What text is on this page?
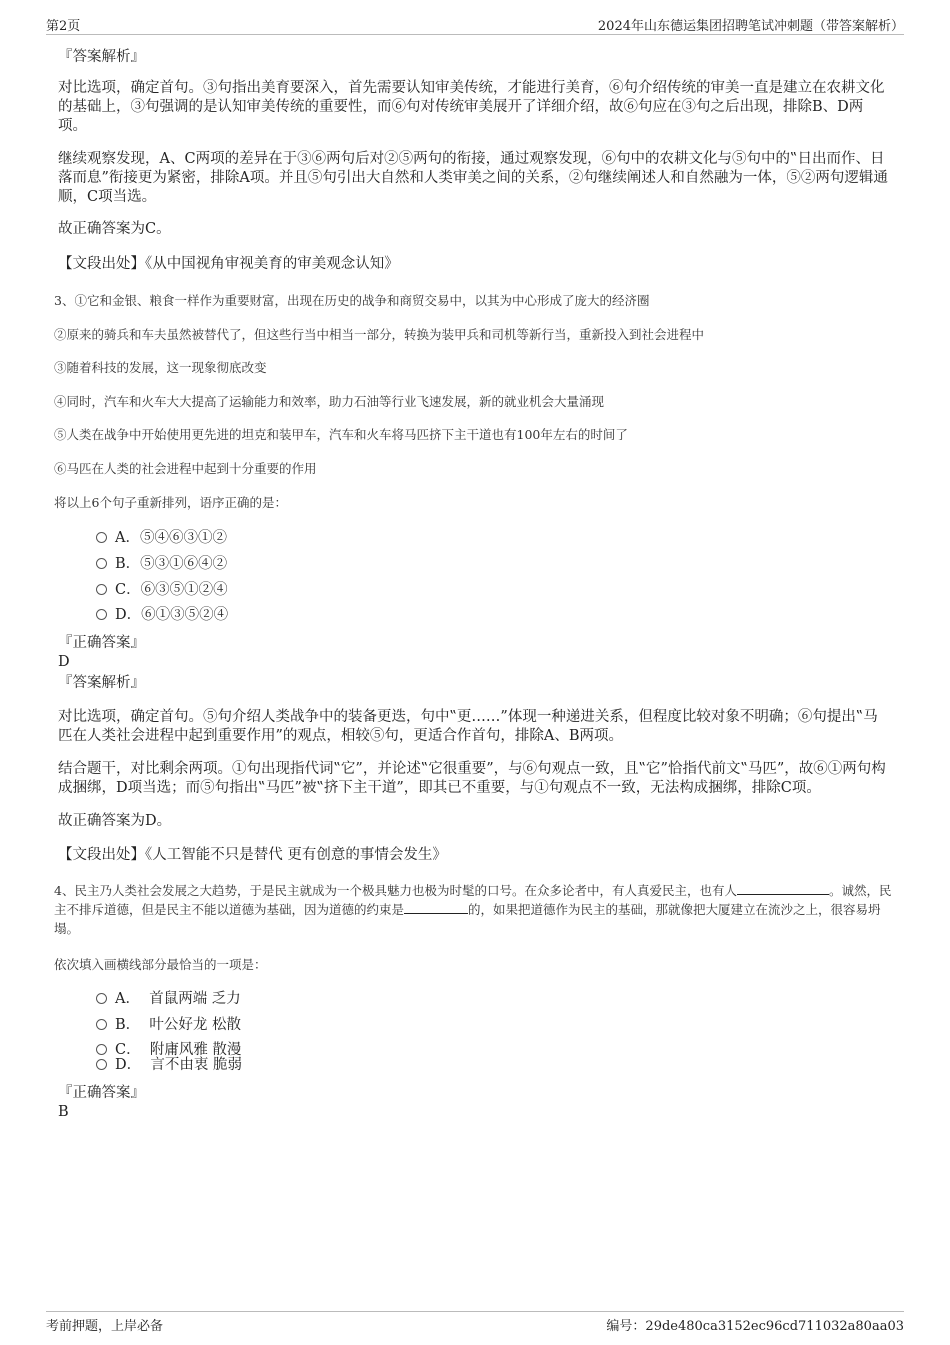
第2页	2024年山东德运集团招聘笔试冲刺题（带答案解析）

『答案解析』

对比选项，确定首句。③句指出美育要深入，首先需要认知审美传统，才能进行美育，⑥句介绍传统的审美一直是建立在农耕文化的基础上，③句强调的是认知审美传统的重要性，而⑥句对传统审美展开了详细介绍，故⑥句应在③句之后出现，排除B、D两项。

继续观察发现，A、C两项的差异在于③⑥两句后对②⑤两句的衔接，通过观察发现，⑥句中的农耕文化与⑤句中的‟日出而作、日落而息”衔接更为紧密，排除A项。并且⑤句引出大自然和人类审美之间的关系，②句继续阐述人和自然融为一体，⑤②两句逻辑通顺，C项当选。

故正确答案为C。

【文段出处】《从中国视角审视美育的审美观念认知》

3、①它和金银、粮食一样作为重要财富，出现在历史的战争和商贸交易中，以其为中心形成了庞大的经济圈

②原来的骑兵和车夫虽然被替代了，但这些行当中相当一部分，转换为装甲兵和司机等新行当，重新投入到社会进程中

③随着科技的发展，这一现象彻底改变

④同时，汽车和火车大大提高了运输能力和效率，助力石油等行业飞速发展，新的就业机会大量涌现

⑤人类在战争中开始使用更先进的坦克和装甲车，汽车和火车将马匹挤下主干道也有100年左右的时间了

⑥马匹在人类的社会进程中起到十分重要的作用

将以上6个句子重新排列，语序正确的是：

A．⑤④⑥③①②
B．⑤③①⑥④②
C．⑥③⑤①②④
D．⑥①③⑤②④

『正确答案』

D

『答案解析』

对比选项，确定首句。⑤句介绍人类战争中的装备更迭，句中‟更……”体现一种递进关系，但程度比较对象不明确；⑥句提出‟马匹在人类社会进程中起到重要作用”的观点，相较⑤句，更适合作首句，排除A、B两项。

结合题干，对比剩余两项。①句出现指代词‟它”，并论述‟它很重要”，与⑥句观点一致，且‟它”恰指代前文‟马匹”，故⑥①两句构成捆绑，D项当选；而⑤句指出‟马匹”被‟挤下主干道”，即其已不重要，与①句观点不一致，无法构成捆绑，排除C项。

故正确答案为D。

【文段出处】《人工智能不只是替代 更有创意的事情会发生》

4、民主乃人类社会发展之大趋势，于是民主就成为一个极具魅力也极为时髦的口号。在众多论者中，有人真爱民主，也有人	。诚然，民主不排斥道德，但是民主不能以道德为基础，因为道德的约束是	的，如果把道德作为民主的基础，那就像把大厦建立在流沙之上，很容易坍塌。

依次填入画横线部分最恰当的一项是：

A． 首鼠两端 乏力
B． 叶公好龙 松散
C． 附庸风雅 散漫
D． 言不由衷 脆弱

『正确答案』

B

考前押题，上岸必备	编号：29de480ca3152ec96cd711032a80aa03
